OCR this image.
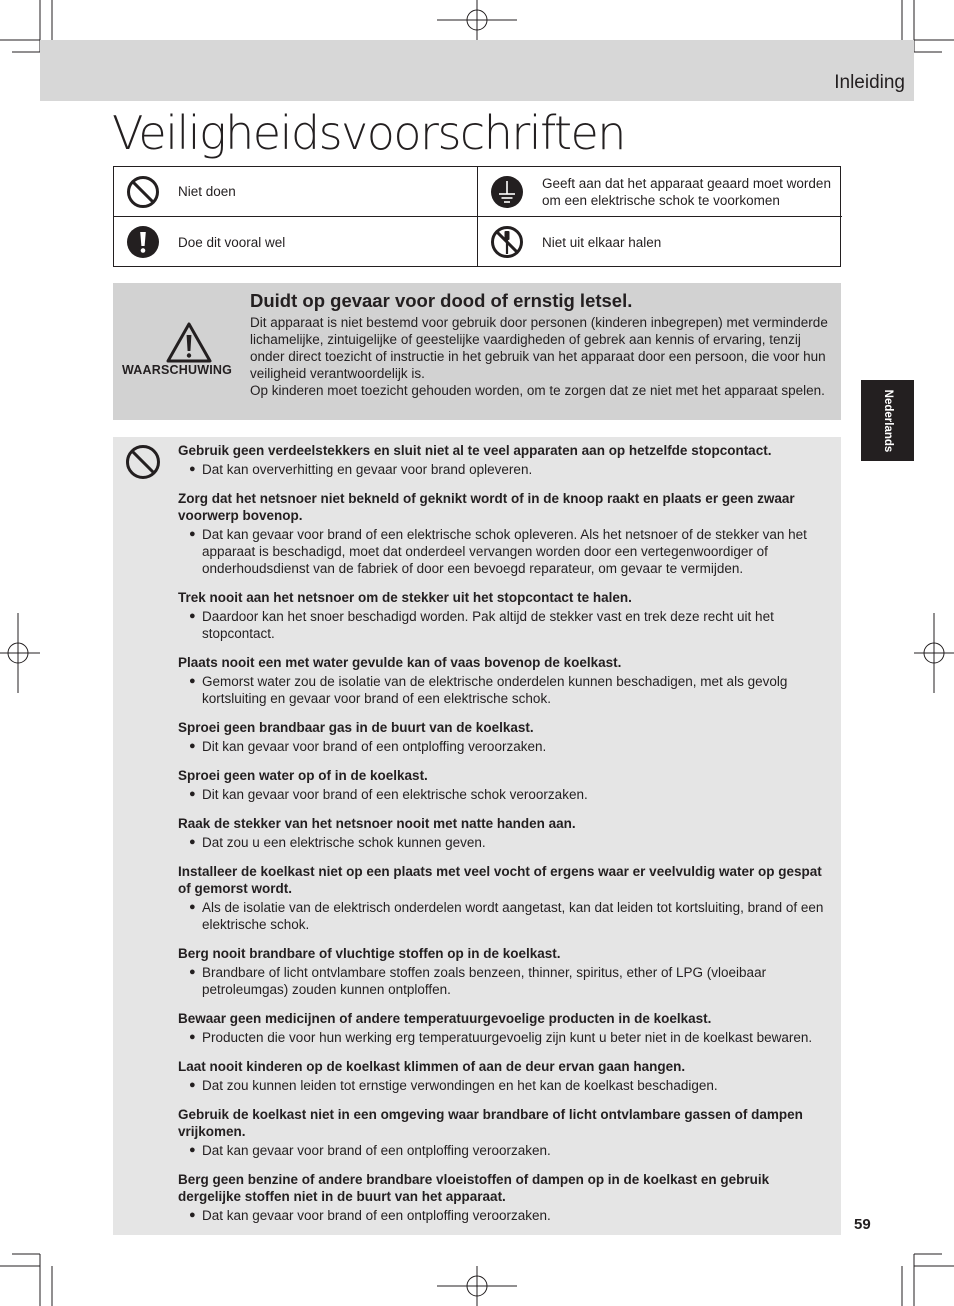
Inleiding
Veiligheidsvoorschriften
Niet doen
Geeft aan dat het apparaat geaard moet worden om een elektrische schok te voorkomen
Doe dit vooral wel	Niet uit elkaar halen
WAARSCHUWING
Duidt op gevaar voor dood of ernstig letsel.
Dit apparaat is niet bestemd voor gebruik door personen (kinderen inbegrepen) met verminderde lichamelijke, zintuigelijke of geestelijke vaardigheden of gebrek aan kennis of ervaring, tenzij onder direct toezicht of instructie in het gebruik van het apparaat door een persoon, die voor hun veiligheid verantwoordelijk is.
Op kinderen moet toezicht gehouden worden, om te zorgen dat ze niet met het apparaat spelen.
Gebruik geen verdeelstekkers en sluit niet al te veel apparaten aan op hetzelfde stopcontact.
● Dat kan oververhitting en gevaar voor brand opleveren.
Zorg dat het netsnoer niet bekneld of geknikt wordt of in de knoop raakt en plaats er geen zwaar voorwerp bovenop.
● Dat kan gevaar voor brand of een elektrische schok opleveren. Als het netsnoer of de stekker van het apparaat is beschadigd, moet dat onderdeel vervangen worden door een vertegenwoordiger of onderhoudsdienst van de fabriek of door een bevoegd reparateur, om gevaar te vermijden.
Trek nooit aan het netsnoer om de stekker uit het stopcontact te halen.
● Daardoor kan het snoer beschadigd worden. Pak altijd de stekker vast en trek deze recht uit het stopcontact.
Plaats nooit een met water gevulde kan of vaas bovenop de koelkast.
● Gemorst water zou de isolatie van de elektrische onderdelen kunnen beschadigen, met als gevolg kortsluiting en gevaar voor brand of een elektrische schok.
Sproei geen brandbaar gas in de buurt van de koelkast.
● Dit kan gevaar voor brand of een ontploffing veroorzaken.
Sproei geen water op of in de koelkast.
● Dit kan gevaar voor brand of een elektrische schok veroorzaken.
Raak de stekker van het netsnoer nooit met natte handen aan.
● Dat zou u een elektrische schok kunnen geven.
Installeer de koelkast niet op een plaats met veel vocht of ergens waar er veelvuldig water op gespat of gemorst wordt.
● Als de isolatie van de elektrisch onderdelen wordt aangetast, kan dat leiden tot kortsluiting, brand of een elektrische schok.
Berg nooit brandbare of vluchtige stoffen op in de koelkast.
● Brandbare of licht ontvlambare stoffen zoals benzeen, thinner, spiritus, ether of LPG (vloeibaar petroleumgas) zouden kunnen ontploffen.
Bewaar geen medicijnen of andere temperatuurgevoelige producten in de koelkast.
● Producten die voor hun werking erg temperatuurgevoelig zijn kunt u beter niet in de koelkast bewaren.
Laat nooit kinderen op de koelkast klimmen of aan de deur ervan gaan hangen.
● Dat zou kunnen leiden tot ernstige verwondingen en het kan de koelkast beschadigen.
Gebruik de koelkast niet in een omgeving waar brandbare of licht ontvlambare gassen of dampen vrijkomen.
● Dat kan gevaar voor brand of een ontploffing veroorzaken.
Berg geen benzine of andere brandbare vloeistoffen of dampen op in de koelkast en gebruik dergelijke stoffen niet in de buurt van het apparaat.
● Dat kan gevaar voor brand of een ontploffing veroorzaken.
Nederlands
59
